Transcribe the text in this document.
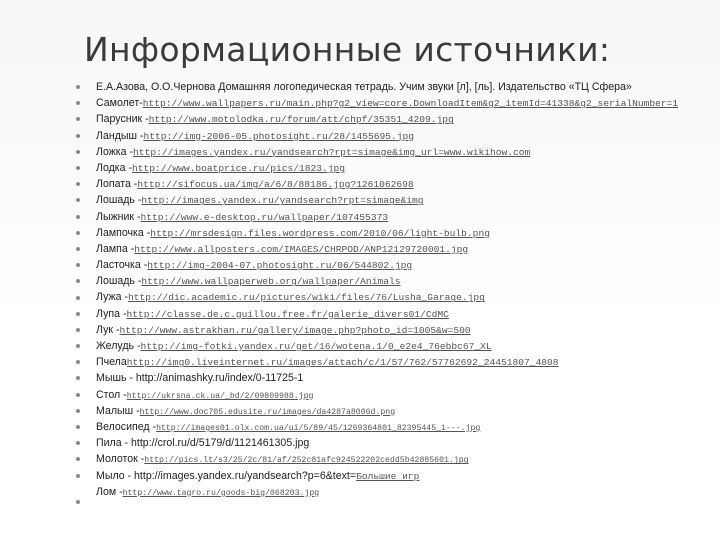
Информационные источники:
Е.А.Азова, О.О.Чернова Домашняя логопедическая тетрадь. Учим звуки [л], [ль]. Издательство «ТЦ Сфера»
Самолет- http://www.wallpapers.ru/main.php?g2_view=core.DownloadItem&g2_itemId=41338&g2_serialNumber=1
Парусник - http://www.motolodka.ru/forum/att/chpf/35351_4209.jpg
Ландыш - http://img-2006-05.photosight.ru/28/1455695.jpg
Ложка - http://images.yandex.ru/yandsearch?rpt=simage&img_url=www.wikihow.com
Лодка - http://www.boatprice.ru/pics/1823.jpg
Лопата - http://sifocus.ua/img/a/6/8/88186.jpg?1261062698
Лошадь - http://images.yandex.ru/yandsearch?rpt=simage&img
Лыжник - http://www.e-desktop.ru/wallpaper/107455373
Лампочка - http://mrsdesign.files.wordpress.com/2010/06/light-bulb.png
Лампа - http://www.allposters.com/IMAGES/CHRPOD/ANP12129720001.jpg
Ласточка - http://img-2004-07.photosight.ru/06/544802.jpg
Лошадь - http://www.wallpaperweb.org/wallpaper/Animals
Лужа - http://dic.academic.ru/pictures/wiki/files/76/Lusha_Garage.jpg
Лупа - http://classe.de.c.guillou.free.fr/galerie_divers01/CdMC
Лук - http://www.astrakhan.ru/gallery/image.php?photo_id=1005&w=500
Желудь - http://img-fotki.yandex.ru/get/16/wotena.1/0_e2e4_76ebbc67_XL
Пчела http://img0.liveinternet.ru/images/attach/c/1/57/762/57762692_24451807_4808
Мышь - http://animashky.ru/index/0-11725-1
Стол - http://ukrsna.ck.ua/_bd/2/09809988.jpg
Малыш - http://www.doc705.edusite.ru/images/da4287a8006d.png
Велосипед - http://images01.olx.com.ua/ui/5/89/45/1269364801_82395445_1---.jpg
Пила - http://crol.ru/d/5179/d/1121461305.jpg
Молоток - http://pics.lt/s3/25/2c/81/af/252c81afc924522202cedd5b42885601.jpg
Мыло - http://images.yandex.ru/yandsearch?p=6&text= Большие игр
Лом - http://www.tagro.ru/goods-big/068203.jpg
